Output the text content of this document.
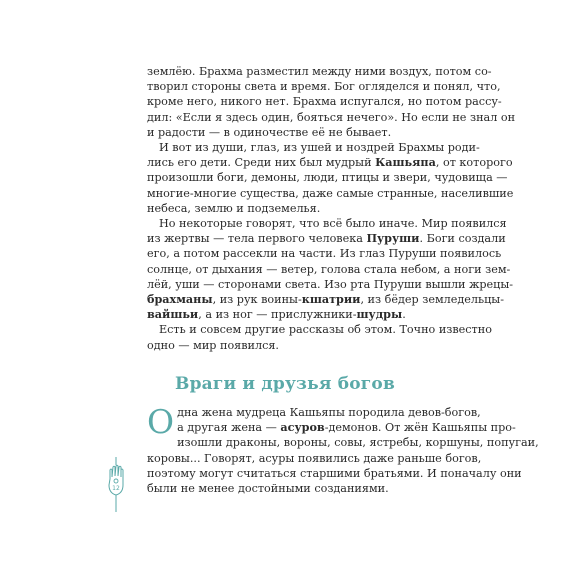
землёю. Брахма разместил между ними воздух, потом со-
творил стороны света и время. Бог огляделся и понял, что,
кроме него, никого нет. Брахма испугался, но потом рассу-
дил: «Если я здесь один, бояться нечего». Но если не знал он
и радости — в одиночестве её не бывает.

И вот из души, глаз, из ушей и ноздрей Брахмы роди-
лись его дети. Среди них был мудрый Кашьяпа, от которого
произошли боги, демоны, люди, птицы и звери, чудовища —
многие-многие существа, даже самые странные, населившие
небеса, землю и подземелья.

Но некоторые говорят, что всё было иначе. Мир появился
из жертвы — тела первого человека Пуруши. Боги создали
его, а потом рассекли на части. Из глаз Пуруши появилось
солнце, от дыхания — ветер, голова стала небом, а ноги зем-
лёй, уши — сторонами света. Изо рта Пуруши вышли жрецы-
брахманы, из рук воины-кшатрии, из бёдер земледельцы-
вайшьи, а из ног — прислужники-шудры.

Есть и совсем другие рассказы об этом. Точно известно
одно — мир появился.

Враги и друзья богов
О дна жена мудреца Кашьяпы породила девов-богов,
а другая жена — асуров-демонов. От жён Кашьяпы про-
изошли драконы, вороны, совы, ястребы, коршуны, попугаи,
коровы... Говорят, асуры появились даже раньше богов,
поэтому могут считаться старшими братьями. И поначалу они
были не менее достойными созданиями.
12
